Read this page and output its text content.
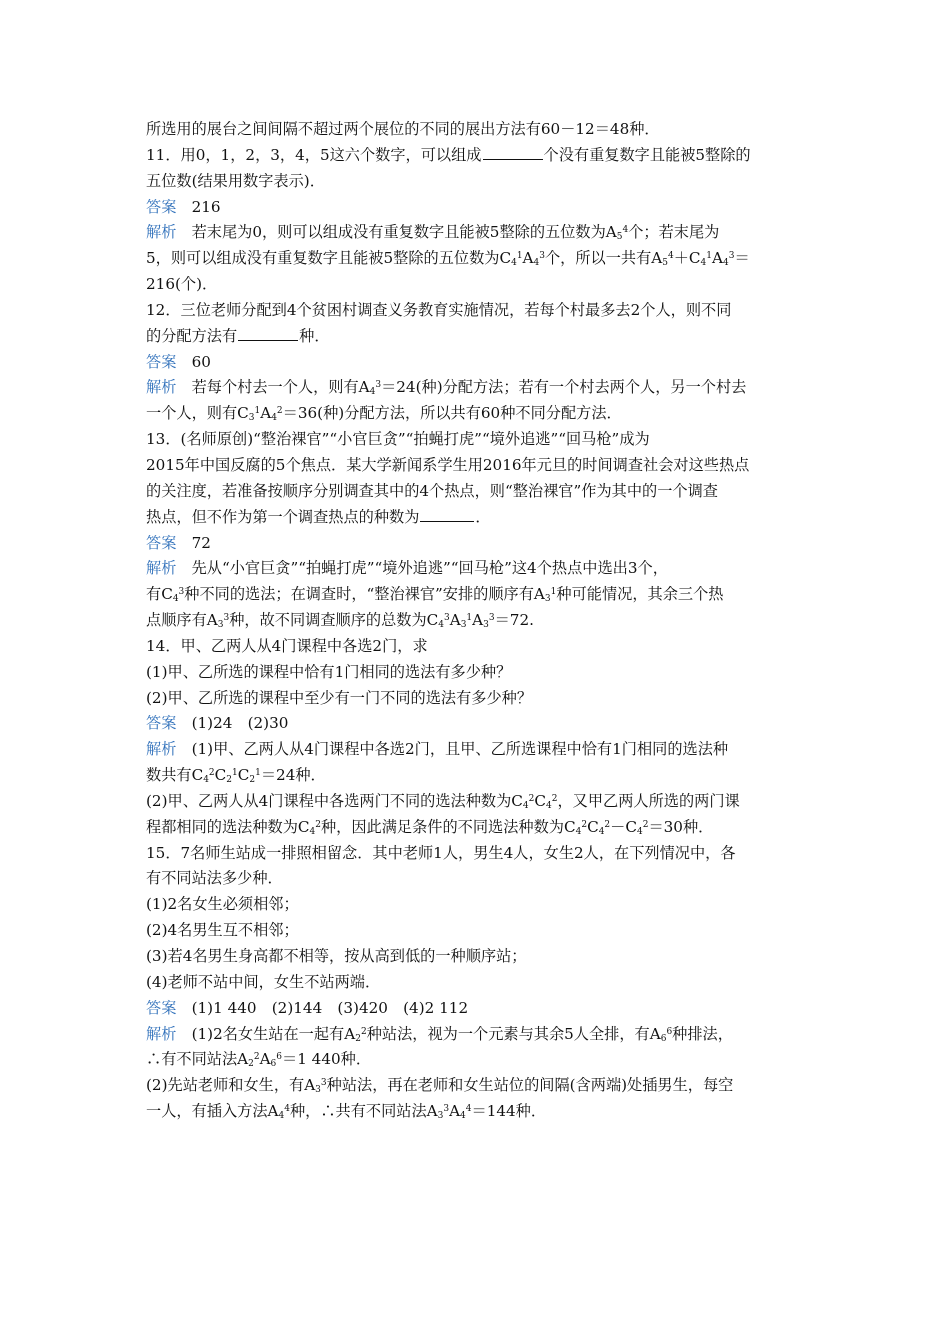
所选用的展台之间间隔不超过两个展位的不同的展出方法有60－12＝48种．
11．用0，1，2，3，4，5这六个数字，可以组成	个没有重复数字且能被5整除的
五位数(结果用数字表示)．
答案　 216
解析　 若末尾为0，则可以组成没有重复数字且能被5整除的五位数为$A_5^4$个；若末尾为
5，则可以组成没有重复数字且能被5整除的五位数为$C_4^1A_4^3$个，所以一共有$A_5^4+C_4^1A_4^3=$
216(个)．
12．三位老师分配到4个贫困村调查义务教育实施情况，若每个村最多去2个人，则不同
的分配方法有	种．
答案　 60
解析　 若每个村去一个人，则有$A_4^3=24$(种)分配方法；若有一个村去两个人，另一个村去
一个人，则有$C_3^1A_4^2=36$(种)分配方法，所以共有60种不同分配方法．
13．(名师原创)“整治裸官”“小官巨贪”“拍蝇打虎”“境外追逃”“回马枪”成为
2015年中国反腐的5个焦点．某大学新闻系学生用2016年元旦的时间调查社会对这些热点
的关注度，若准备按顺序分别调查其中的4个热点，则“整治裸官”作为其中的一个调查
热点，但不作为第一个调查热点的种数为	．
答案　 72
解析　 先从“小官巨贪”“拍蝇打虎”“境外追逃”“回马枪”这4个热点中选出3个，
有$C_4^3$种不同的选法；在调查时，“整治裸官”安排的顺序有$A_3^1$种可能情况，其余三个热
点顺序有$A_3^3$种，故不同调查顺序的总数为$C_4^3A_3^1A_3^3=72$.
14．甲、乙两人从4门课程中各选2门，求
(1)甲、乙所选的课程中恰有1门相同的选法有多少种？
(2)甲、乙所选的课程中至少有一门不同的选法有多少种？
答案　 (1)24　(2)30
解析　 (1)甲、乙两人从4门课程中各选2门，且甲、乙所选课程中恰有1门相同的选法种
数共有$C_4^2C_2^1C_2^1=24$种．
(2)甲、乙两人从4门课程中各选两门不同的选法种数为$C_4^2C_4^2$，又甲乙两人所选的两门课
程都相同的选法种数为$C_4^2$种，因此满足条件的不同选法种数为$C_4^2C_4^2-C_4^2=30$种．
15．7名师生站成一排照相留念．其中老师1人，男生4人，女生2人，在下列情况中，各
有不同站法多少种．
(1)2名女生必须相邻；
(2)4名男生互不相邻；
(3)若4名男生身高都不相等，按从高到低的一种顺序站；
(4)老师不站中间，女生不站两端．
答案　 (1)1 440　(2)144　(3)420　(4)2 112
解析　 (1)2名女生站在一起有$A_2^2$种站法，视为一个元素与其余5人全排，有$A_6^6$种排法，
∴有不同站法$A_2^2A_6^6=1$ 440种．
(2)先站老师和女生，有$A_3^3$种站法，再在老师和女生站位的间隔(含两端)处插男生，每空
一人，有插入方法$A_4^4$种，∴共有不同站法$A_3^3A_4^4=144$种．
